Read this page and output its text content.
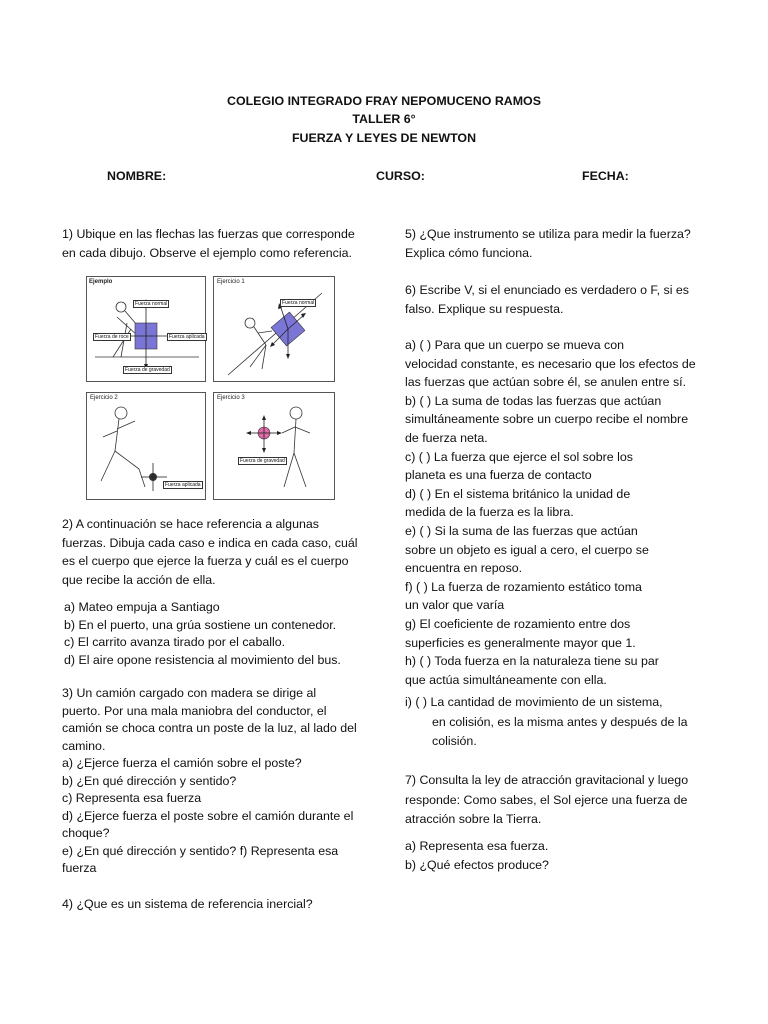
COLEGIO INTEGRADO FRAY NEPOMUCENO RAMOS
TALLER 6°
FUERZA Y LEYES DE NEWTON
NOMBRE:	CURSO:	FECHA:
1) Ubique en las flechas las fuerzas que corresponde
en cada dibujo. Observe el ejemplo como referencia.
Ejemplo
Fuerza normal
Fuerza de roce	Fuerza aplicada
Fuerza de gravedad
Ejercicio 1
Fuerza normal
Ejercicio 2
Fuerza aplicada
Ejercicio 3
Fuerza de gravedad
2) A continuación se hace referencia a algunas
fuerzas. Dibuja cada caso e indica en cada caso, cuál
es el cuerpo que ejerce la fuerza y cuál es el cuerpo
que recibe la acción de ella.
a) Mateo empuja a Santiago
b) En el puerto, una grúa sostiene un contenedor.
c) El carrito avanza tirado por el caballo.
d) El aire opone resistencia al movimiento del bus.
3) Un camión cargado con madera se dirige al
puerto. Por una mala maniobra del conductor, el
camión se choca contra un poste de la luz, al lado del
camino.
a) ¿Ejerce fuerza el camión sobre el poste?
b) ¿En qué dirección y sentido?
c) Representa esa fuerza
d) ¿Ejerce fuerza el poste sobre el camión durante el
choque?
e) ¿En qué dirección y sentido? f) Representa esa
fuerza
4) ¿Que es un sistema de referencia inercial?
5) ¿Que instrumento se utiliza para medir la fuerza?
Explica cómo funciona.
6) Escribe V, si el enunciado es verdadero o F, si es
falso. Explique su respuesta.
a) ( ) Para que un cuerpo se mueva con
velocidad constante, es necesario que los efectos de
las fuerzas que actúan sobre él, se anulen entre sí.
b) ( ) La suma de todas las fuerzas que actúan
simultáneamente sobre un cuerpo recibe el nombre
de fuerza neta.
c) ( ) La fuerza que ejerce el sol sobre los
planeta es una fuerza de contacto
d) ( ) En el sistema británico la unidad de
medida de la fuerza es la libra.
e) ( ) Si la suma de las fuerzas que actúan
sobre un objeto es igual a cero, el cuerpo se
encuentra en reposo.
f) ( ) La fuerza de rozamiento estático toma
un valor que varía
g) El coeficiente de rozamiento entre dos
superficies es generalmente mayor que 1.
h) ( ) Toda fuerza en la naturaleza tiene su par
que actúa simultáneamente con ella.
i) ( ) La cantidad de movimiento de un sistema,
en colisión, es la misma antes y después de la
colisión.
7) Consulta la ley de atracción gravitacional y luego
responde: Como sabes, el Sol ejerce una fuerza de
atracción sobre la Tierra.
a) Representa esa fuerza.
b) ¿Qué efectos produce?
